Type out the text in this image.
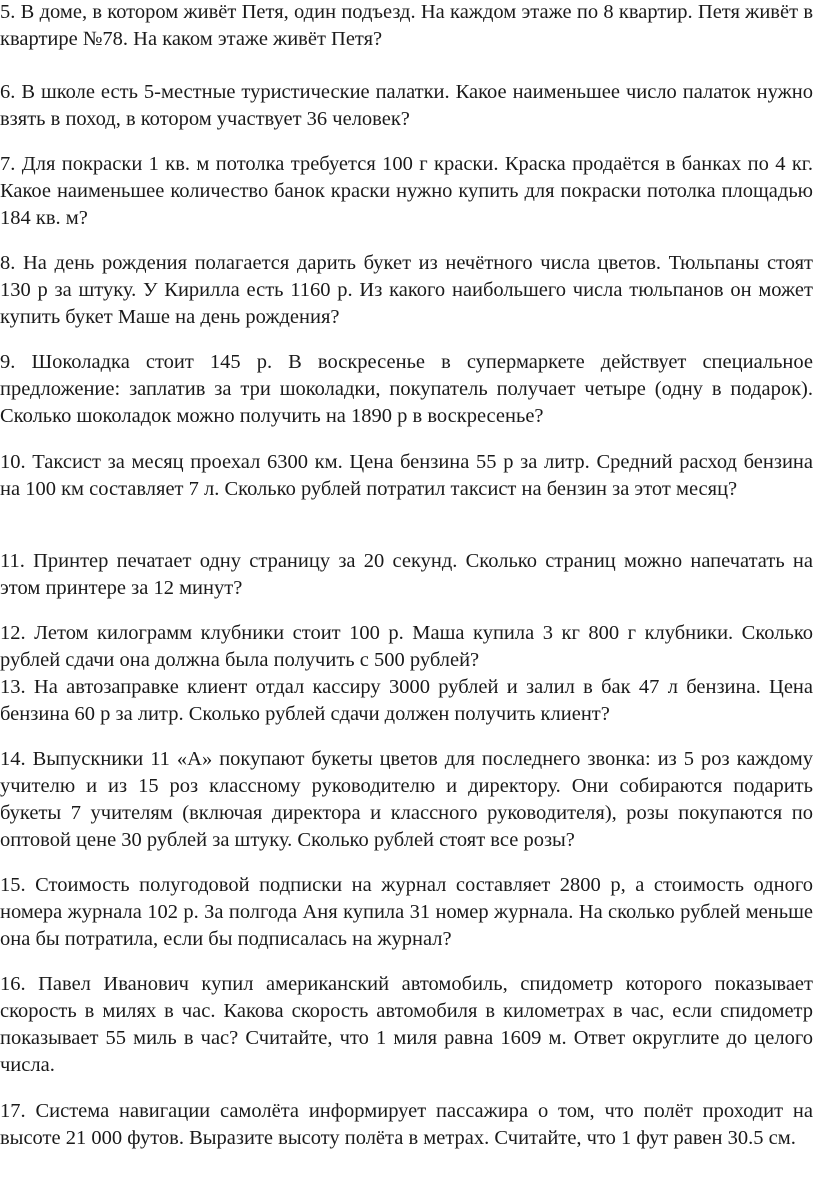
5. В доме, в котором живёт Петя, один подъезд. На каждом этаже по 8 квартир. Петя живёт в квартире №78. На каком этаже живёт Петя?

6. В школе есть 5-местные туристические палатки. Какое наименьшее число палаток нужно взять в поход, в котором участвует 36 человек?

7. Для покраски 1 кв. м потолка требуется 100 г краски. Краска продаётся в банках по 4 кг. Какое наименьшее количество банок краски нужно купить для покраски потолка площадью 184 кв. м?

8. На день рождения полагается дарить букет из нечётного числа цветов. Тюльпаны стоят 130 р за штуку. У Кирилла есть 1160 р. Из какого наибольшего числа тюльпанов он может купить букет Маше на день рождения?

9. Шоколадка стоит 145 р. В воскресенье в супермаркете действует специальное предложение: заплатив за три шоколадки, покупатель получает четыре (одну в подарок). Сколько шоколадок можно получить на 1890 р в воскресенье?

10. Таксист за месяц проехал 6300 км. Цена бензина 55 р за литр. Средний расход бензина на 100 км составляет 7 л. Сколько рублей потратил таксист на бензин за этот месяц?

11. Принтер печатает одну страницу за 20 секунд. Сколько страниц можно напечатать на этом принтере за 12 минут?

12. Летом килограмм клубники стоит 100 р. Маша купила 3 кг 800 г клубники. Сколько рублей сдачи она должна была получить с 500 рублей?

13. На автозаправке клиент отдал кассиру 3000 рублей и залил в бак 47 л бензина. Цена бензина 60 р за литр. Сколько рублей сдачи должен получить клиент?

14. Выпускники 11 «А» покупают букеты цветов для последнего звонка: из 5 роз каждому учителю и из 15 роз классному руководителю и директору. Они собираются подарить букеты 7 учителям (включая директора и классного руководителя), розы покупаются по оптовой цене 30 рублей за штуку. Сколько рублей стоят все розы?

15. Стоимость полугодовой подписки на журнал составляет 2800 р, а стоимость одного номера журнала 102 р. За полгода Аня купила 31 номер журнала. На сколько рублей меньше она бы потратила, если бы подписалась на журнал?

16. Павел Иванович купил американский автомобиль, спидометр которого показывает скорость в милях в час. Какова скорость автомобиля в километрах в час, если спидометр показывает 55 миль в час? Считайте, что 1 миля равна 1609 м. Ответ округлите до целого числа.

17. Система навигации самолёта информирует пассажира о том, что полёт проходит на высоте 21 000 футов. Выразите высоту полёта в метрах. Считайте, что 1 фут равен 30.5 см.
